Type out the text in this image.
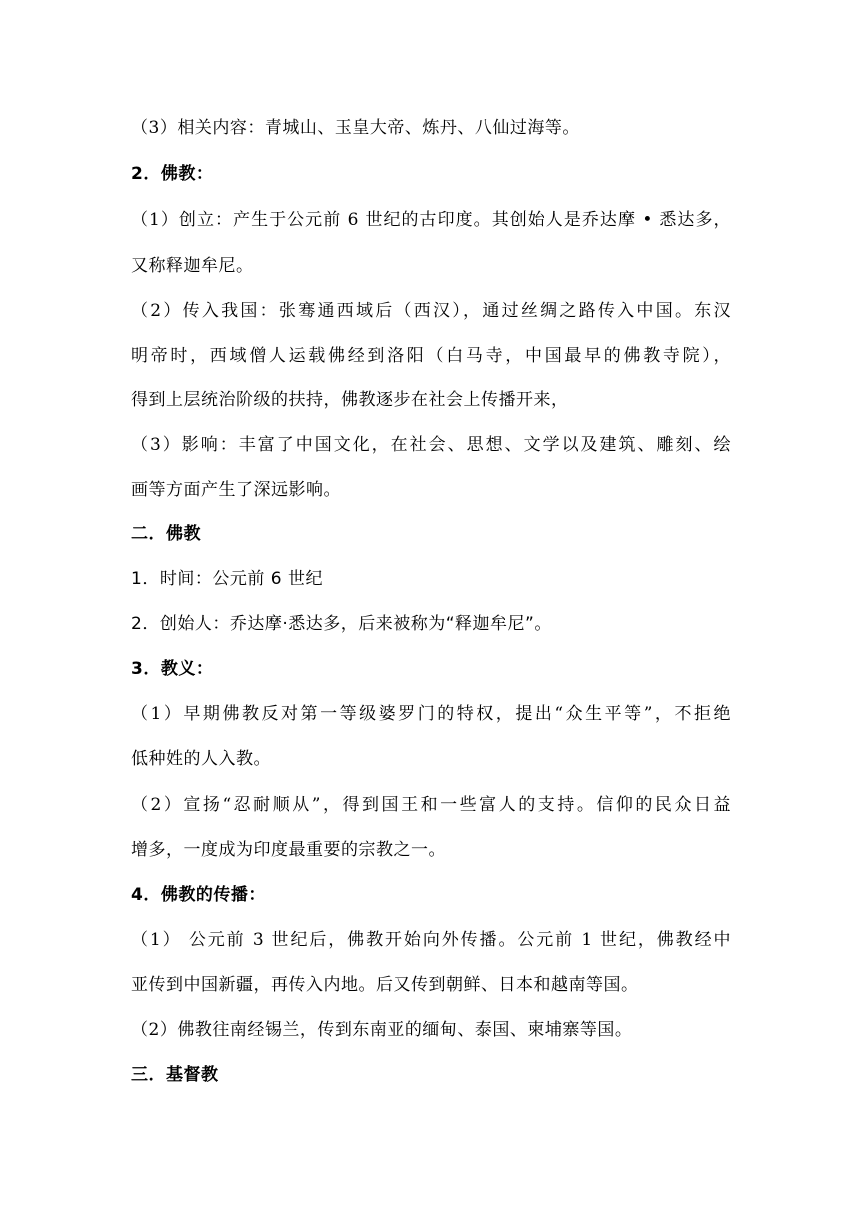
（3）相关内容：青城山、玉皇大帝、炼丹、八仙过海等。
2．佛教：
（1）创立：产生于公元前 6 世纪的古印度。其创始人是乔达摩 • 悉达多，
又称释迦牟尼。
（2）传入我国：张骞通西域后（西汉），通过丝绸之路传入中国。东汉
明帝时，西域僧人运载佛经到洛阳（白马寺，中国最早的佛教寺院），
得到上层统治阶级的扶持，佛教逐步在社会上传播开来，
（3）影响：丰富了中国文化，在社会、思想、文学以及建筑、雕刻、绘
画等方面产生了深远影响。
二．佛教
1．时间：公元前 6 世纪
2．创始人：乔达摩·悉达多，后来被称为“释迦牟尼”。
3．教义：
（1）早期佛教反对第一等级婆罗门的特权，提出“众生平等”，不拒绝
低种姓的人入教。
（2）宣扬“忍耐顺从”，得到国王和一些富人的支持。信仰的民众日益
增多，一度成为印度最重要的宗教之一。
4．佛教的传播：
（1） 公元前 3 世纪后，佛教开始向外传播。公元前 1 世纪，佛教经中
亚传到中国新疆，再传入内地。后又传到朝鲜、日本和越南等国。
（2）佛教往南经锡兰，传到东南亚的缅甸、泰国、柬埔寨等国。
三．基督教
